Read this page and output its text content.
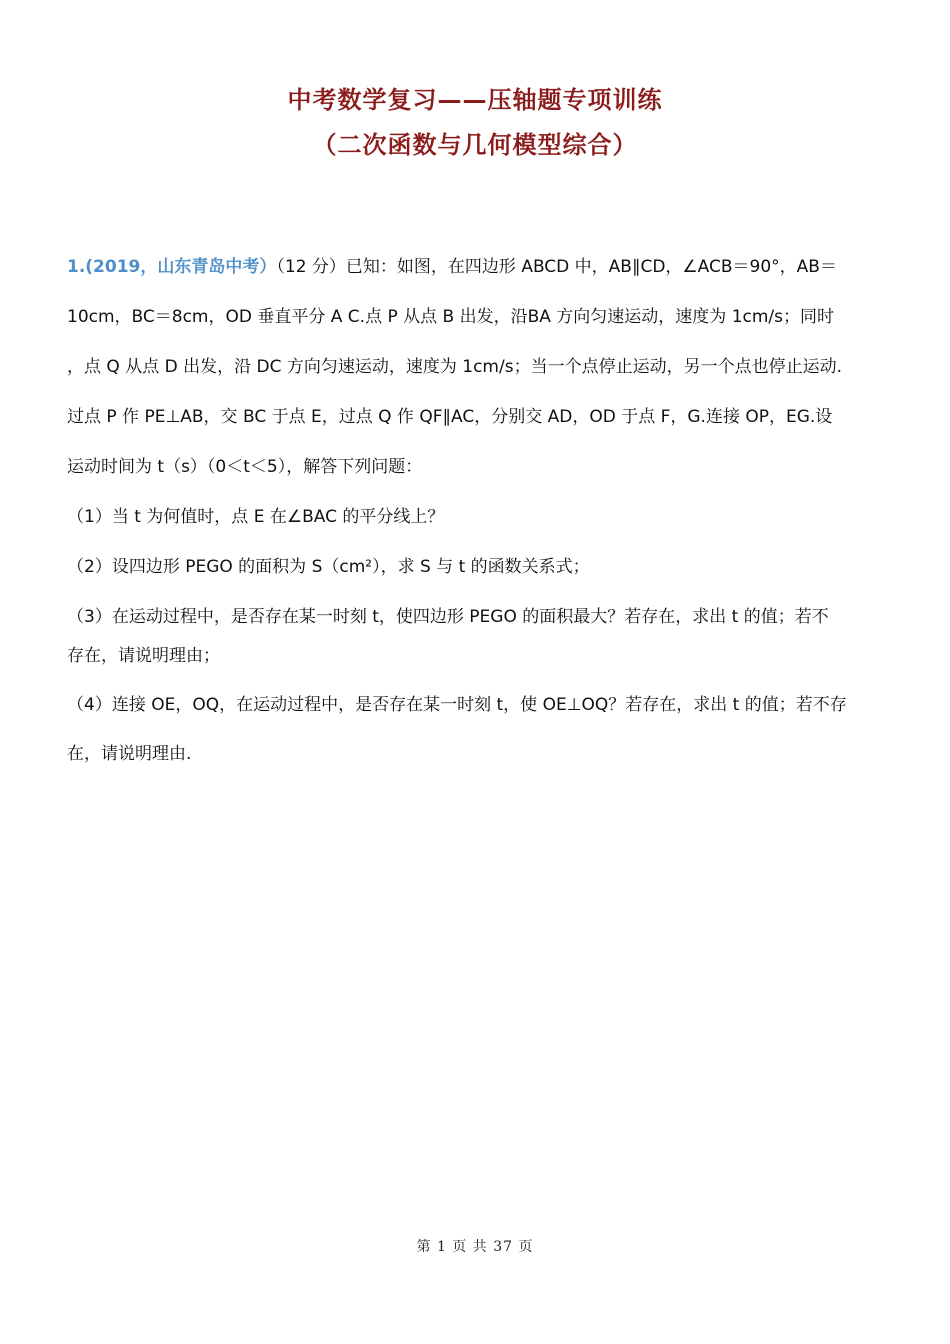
中考数学复习——压轴题专项训练
（二次函数与几何模型综合）
1.(2019，山东青岛中考）（12 分）已知：如图，在四边形 ABCD 中，AB∥CD，∠ACB＝90°，AB＝
10cm，BC＝8cm，OD 垂直平分 A C.点 P 从点 B 出发，沿BA 方向匀速运动，速度为 1cm/s；同时
，点 Q 从点 D 出发，沿 DC 方向匀速运动，速度为 1cm/s；当一个点停止运动，另一个点也停止运动.
过点 P 作 PE⊥AB，交 BC 于点 E，过点 Q 作 QF∥AC，分别交 AD，OD 于点 F，G.连接 OP，EG.设
运动时间为 t（s）（0＜t＜5），解答下列问题：
（1）当 t 为何值时，点 E 在∠BAC 的平分线上？
（2）设四边形 PEGO 的面积为 S（cm²），求 S 与 t 的函数关系式；
（3）在运动过程中，是否存在某一时刻 t，使四边形 PEGO 的面积最大？若存在，求出 t 的值；若不
存在，请说明理由；
（4）连接 OE，OQ，在运动过程中，是否存在某一时刻 t，使 OE⊥OQ？若存在，求出 t 的值；若不存
在，请说明理由.
第 1 页 共 37 页
